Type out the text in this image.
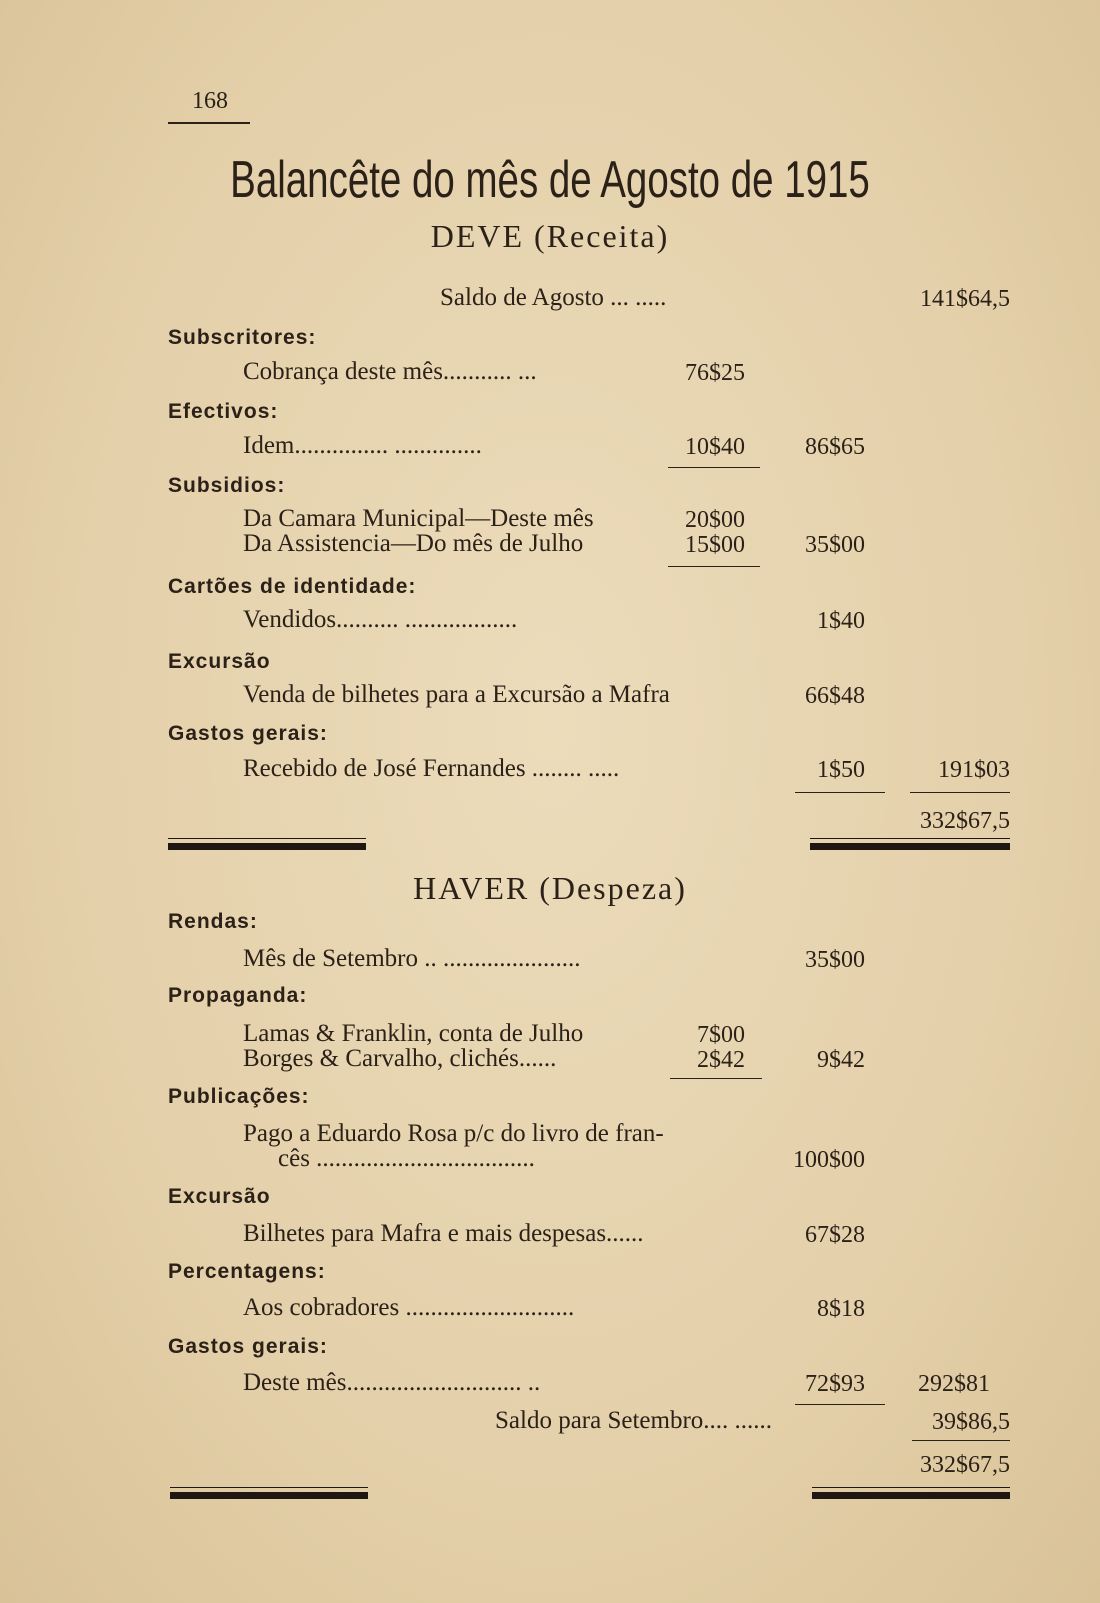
168
Balancête do mês de Agosto de 1915
DEVE (Receita)
Saldo de Agosto ... .....	141$64,5
Subscritores:
Cobrança deste mês........... ...	76$25
Efectivos:
Idem............... ..............	10$40	86$65
Subsidios:
Da Camara Municipal—Deste mês	20$00
Da Assistencia—Do mês de Julho	15$00	35$00
Cartões de identidade:
Vendidos.......... ..................	1$40
Excursão
Venda de bilhetes para a Excursão a Mafra	66$48
Gastos gerais:
Recebido de José Fernandes ........ .....	1$50	191$03
332$67,5
HAVER (Despeza)
Rendas:
Mês de Setembro .. ......................	35$00
Propaganda:
Lamas & Franklin, conta de Julho	7$00
Borges & Carvalho, clichés......	2$42	9$42
Publicações:
Pago a Eduardo Rosa p/c do livro de fran-
cês ...................................	100$00
Excursão
Bilhetes para Mafra e mais despesas......	67$28
Percentagens:
Aos cobradores ...........................	8$18
Gastos gerais:
Deste mês............................ ..	72$93	292$81
Saldo para Setembro.... ......	39$86,5
332$67,5
